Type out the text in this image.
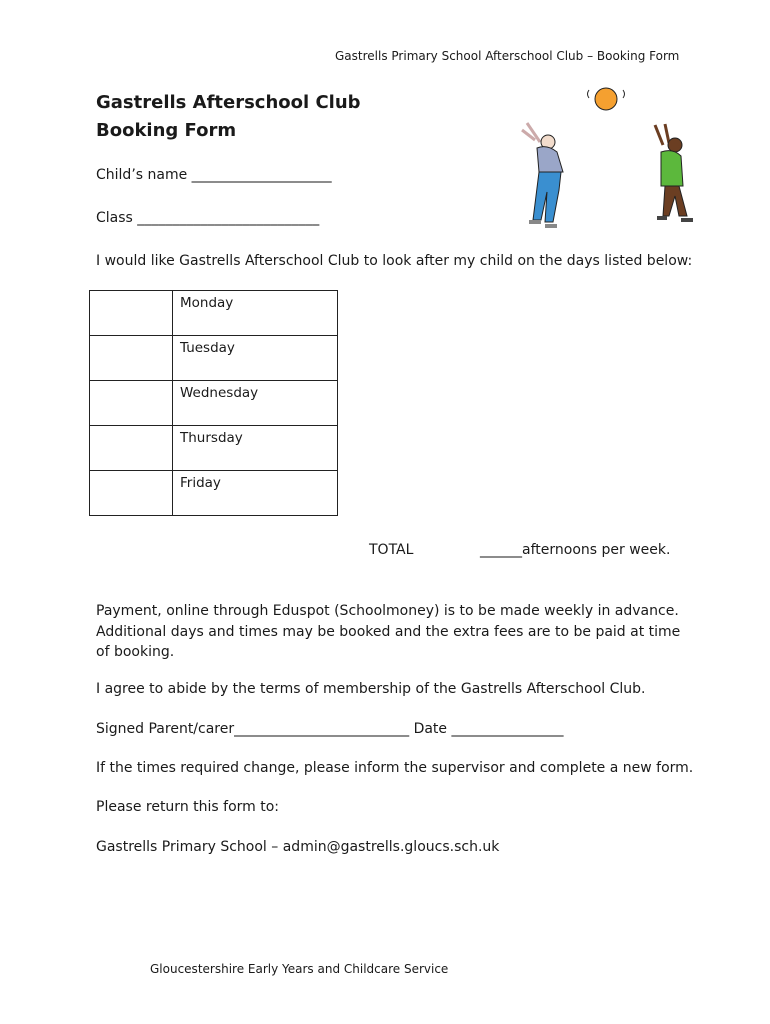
Gastrells Primary School Afterschool Club – Booking Form
Gastrells Afterschool Club
Booking Form
Child’s name ____________________
Class __________________________
I would like Gastrells Afterschool Club to look after my child on the days listed below:
	Monday
	Tuesday
	Wednesday
	Thursday
	Friday
TOTAL	______afternoons per week.
Payment, online through Eduspot (Schoolmoney) is to be made weekly in advance. Additional days and times may be booked and the extra fees are to be paid at time of booking.
I agree to abide by the terms of membership of the Gastrells Afterschool Club.
Signed Parent/carer_________________________ Date ________________
If the times required change, please inform the supervisor and complete a new form.
Please return this form to:
Gastrells Primary School – admin@gastrells.gloucs.sch.uk
Gloucestershire Early Years and Childcare Service
